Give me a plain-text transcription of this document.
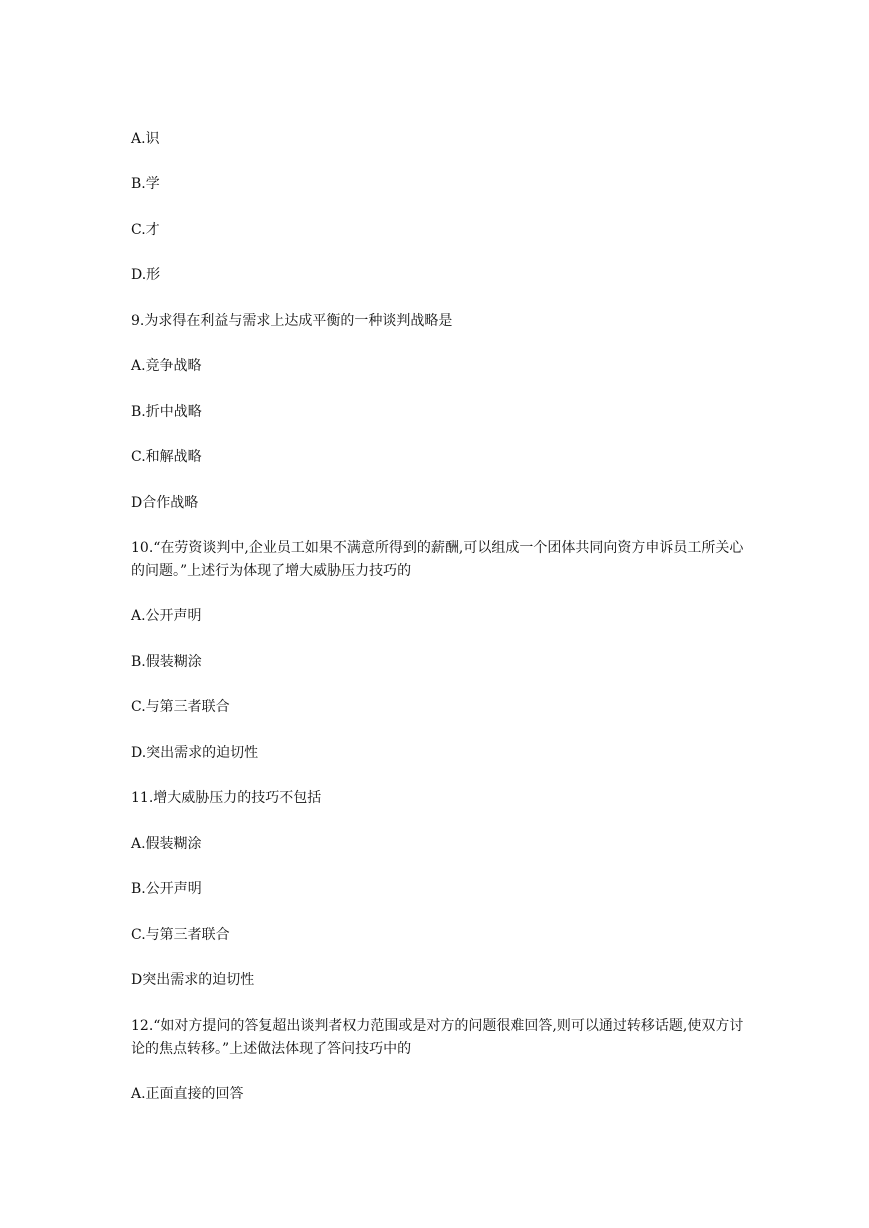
A.识
B.学
C.才
D.形
9.为求得在利益与需求上达成平衡的一种谈判战略是
A.竞争战略
B.折中战略
C.和解战略
D合作战略
10.“在劳资谈判中,企业员工如果不满意所得到的薪酬,可以组成一个团体共同向资方申诉员工所关心的问题。”上述行为体现了增大威胁压力技巧的
A.公开声明
B.假装糊涂
C.与第三者联合
D.突出需求的迫切性
11.增大威胁压力的技巧不包括
A.假装糊涂
B.公开声明
C.与第三者联合
D突出需求的迫切性
12.“如对方提问的答复超出谈判者权力范围或是对方的问题很难回答,则可以通过转移话题,使双方讨论的焦点转移。”上述做法体现了答问技巧中的
A.正面直接的回答
